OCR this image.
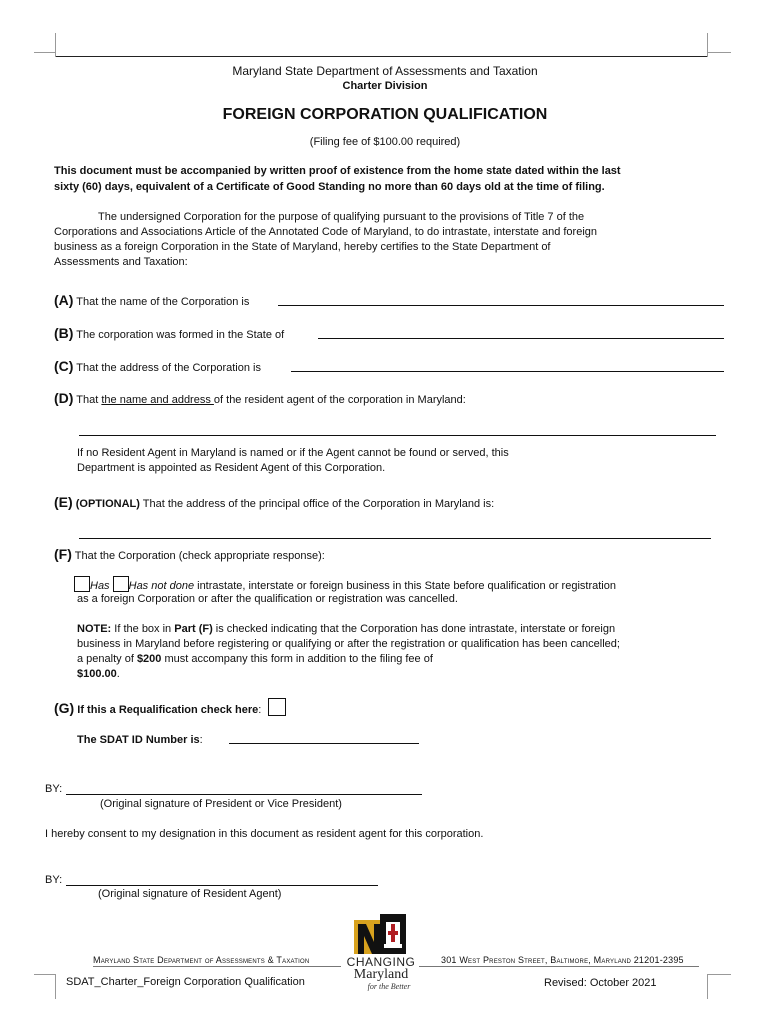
Maryland State Department of Assessments and Taxation
Charter Division
FOREIGN CORPORATION QUALIFICATION
(Filing fee of $100.00 required)
This document must be accompanied by written proof of existence from the home state dated within the last
sixty (60) days, equivalent of a Certificate of Good Standing no more than 60 days old at the time of filing.
The undersigned Corporation for the purpose of qualifying pursuant to the provisions of Title 7 of the
Corporations and Associations Article of the Annotated Code of Maryland, to do intrastate, interstate and foreign
business as a foreign Corporation in the State of Maryland, hereby certifies to the State Department of
Assessments and Taxation:
(A) That the name of the Corporation is
(B) The corporation was formed in the State of
(C) That the address of the Corporation is
(D) That the name and address of the resident agent of the corporation in Maryland:
If no Resident Agent in Maryland is named or if the Agent cannot be found or served, this
Department is appointed as Resident Agent of this Corporation.
(E) (OPTIONAL) That the address of the principal office of the Corporation in Maryland is:
(F) That the Corporation (check appropriate response):
Has Has not done intrastate, interstate or foreign business in this State before qualification or registration
as a foreign Corporation or after the qualification or registration was cancelled.
NOTE: If the box in Part (F) is checked indicating that the Corporation has done intrastate, interstate or foreign
business in Maryland before registering or qualifying or after the registration or qualification has been cancelled;
a penalty of $200 must accompany this form in addition to the filing fee of
$100.00.
(G) If this a Requalification check here:
The SDAT ID Number is:
BY:
(Original signature of President or Vice President)
I hereby consent to my designation in this document as resident agent for this corporation.
BY:
(Original signature of Resident Agent)
Maryland State Department of Assessments & Taxation	301 West Preston Street, Baltimore, Maryland 21201-2395
CHANGING
Maryland
for the Better
SDAT_Charter_Foreign Corporation Qualification	Revised: October 2021
